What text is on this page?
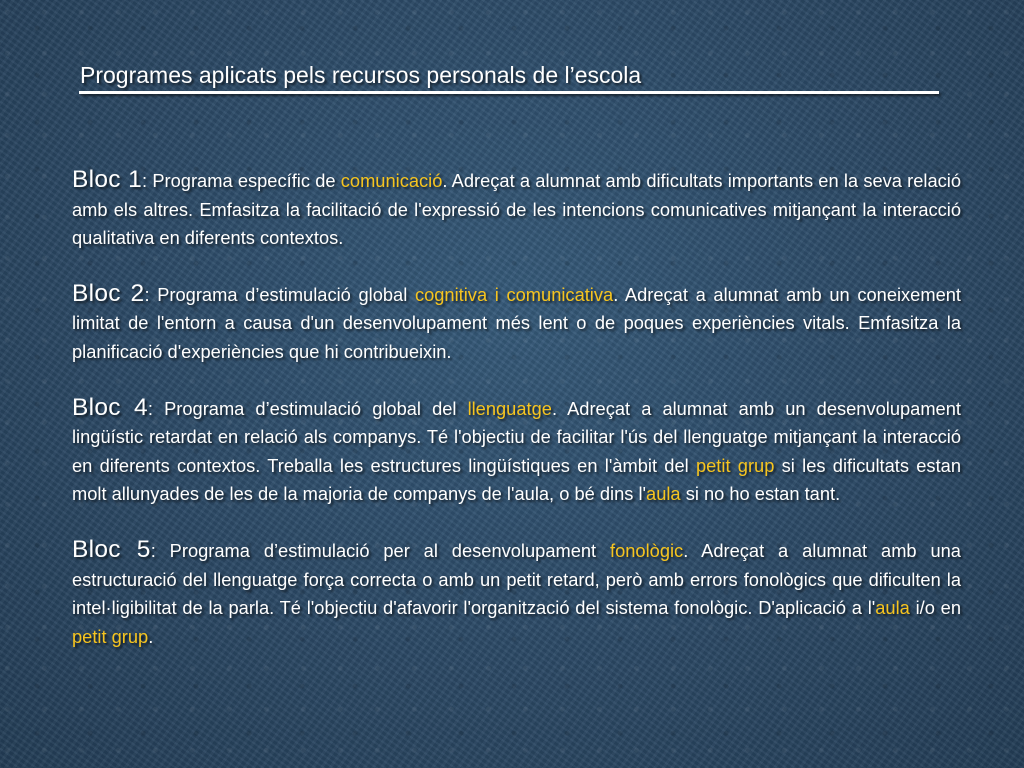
Programes aplicats pels recursos personals de l’escola

Bloc 1: Programa específic de comunicació. Adreçat a alumnat amb dificultats importants en la seva relació amb els altres. Emfasitza la facilitació de l'expressió de les intencions comunicatives mitjançant la interacció qualitativa en diferents contextos.

Bloc 2: Programa d’estimulació global cognitiva i comunicativa. Adreçat a alumnat amb un coneixement limitat de l'entorn a causa d'un desenvolupament més lent o de poques experiències vitals. Emfasitza la planificació d'experiències que hi contribueixin.

Bloc 4: Programa d’estimulació global del llenguatge. Adreçat a alumnat amb un desenvolupament lingüístic retardat en relació als companys. Té l'objectiu de facilitar l'ús del llenguatge mitjançant la interacció en diferents contextos. Treballa les estructures lingüístiques en l'àmbit del petit grup si les dificultats estan molt allunyades de les de la majoria de companys de l'aula, o bé dins l'aula si no ho estan tant.

Bloc 5: Programa d’estimulació per al desenvolupament fonològic. Adreçat a alumnat amb una estructuració del llenguatge força correcta o amb un petit retard, però amb errors fonològics que dificulten la intel·ligibilitat de la parla. Té l'objectiu d'afavorir l'organització del sistema fonològic. D'aplicació a l'aula i/o en petit grup.
